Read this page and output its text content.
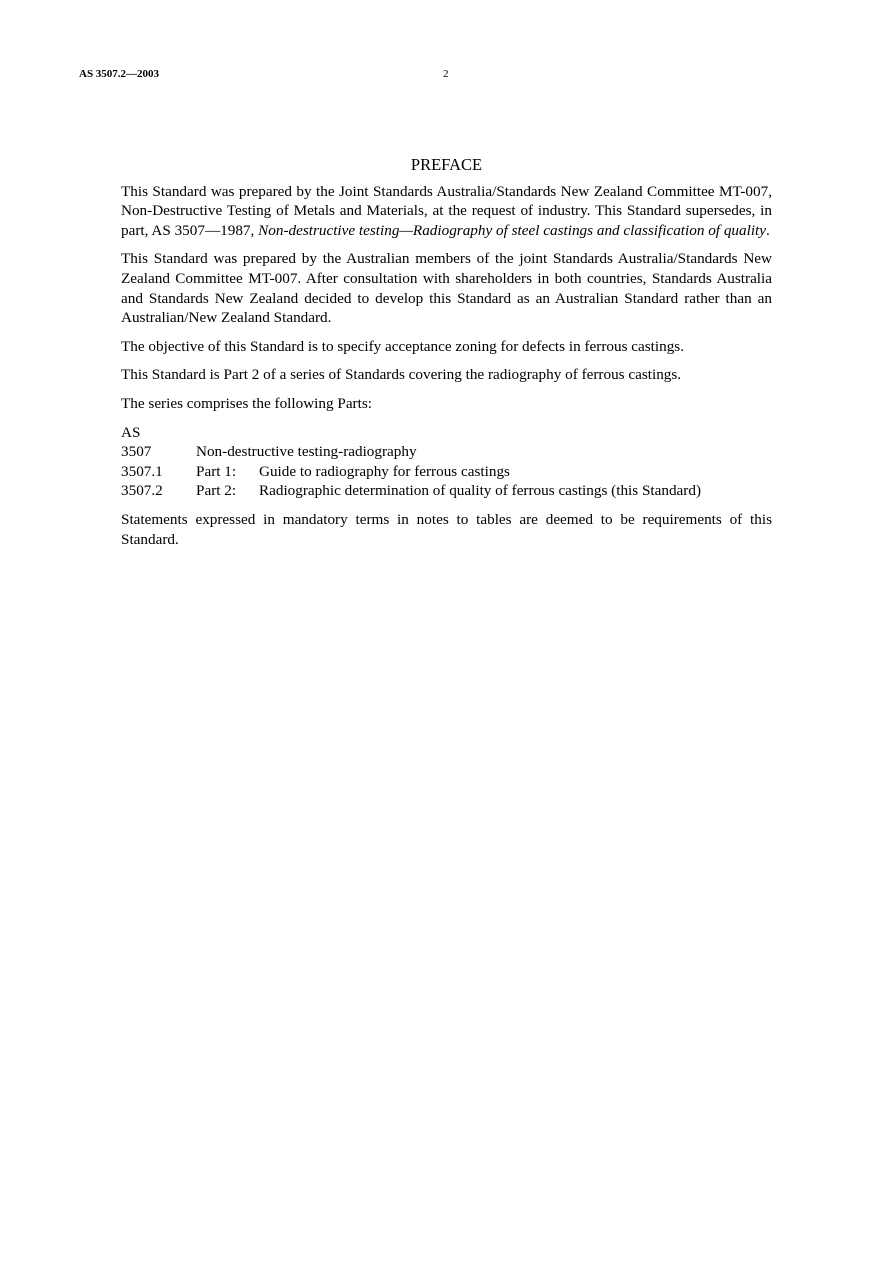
AS 3507.2—2003	2
PREFACE

This Standard was prepared by the Joint Standards Australia/Standards New Zealand Committee MT-007, Non-Destructive Testing of Metals and Materials, at the request of industry. This Standard supersedes, in part, AS 3507—1987, Non-destructive testing—Radiography of steel castings and classification of quality.

This Standard was prepared by the Australian members of the joint Standards Australia/Standards New Zealand Committee MT-007. After consultation with shareholders in both countries, Standards Australia and Standards New Zealand decided to develop this Standard as an Australian Standard rather than an Australian/New Zealand Standard.

The objective of this Standard is to specify acceptance zoning for defects in ferrous castings.

This Standard is Part 2 of a series of Standards covering the radiography of ferrous castings.

The series comprises the following Parts:

AS

3507	Non-destructive testing-radiography	
3507.1	Part 1:	Guide to radiography for ferrous castings
3507.2	Part 2:	Radiographic determination of quality of ferrous castings (this Standard)

Statements expressed in mandatory terms in notes to tables are deemed to be requirements of this Standard.
